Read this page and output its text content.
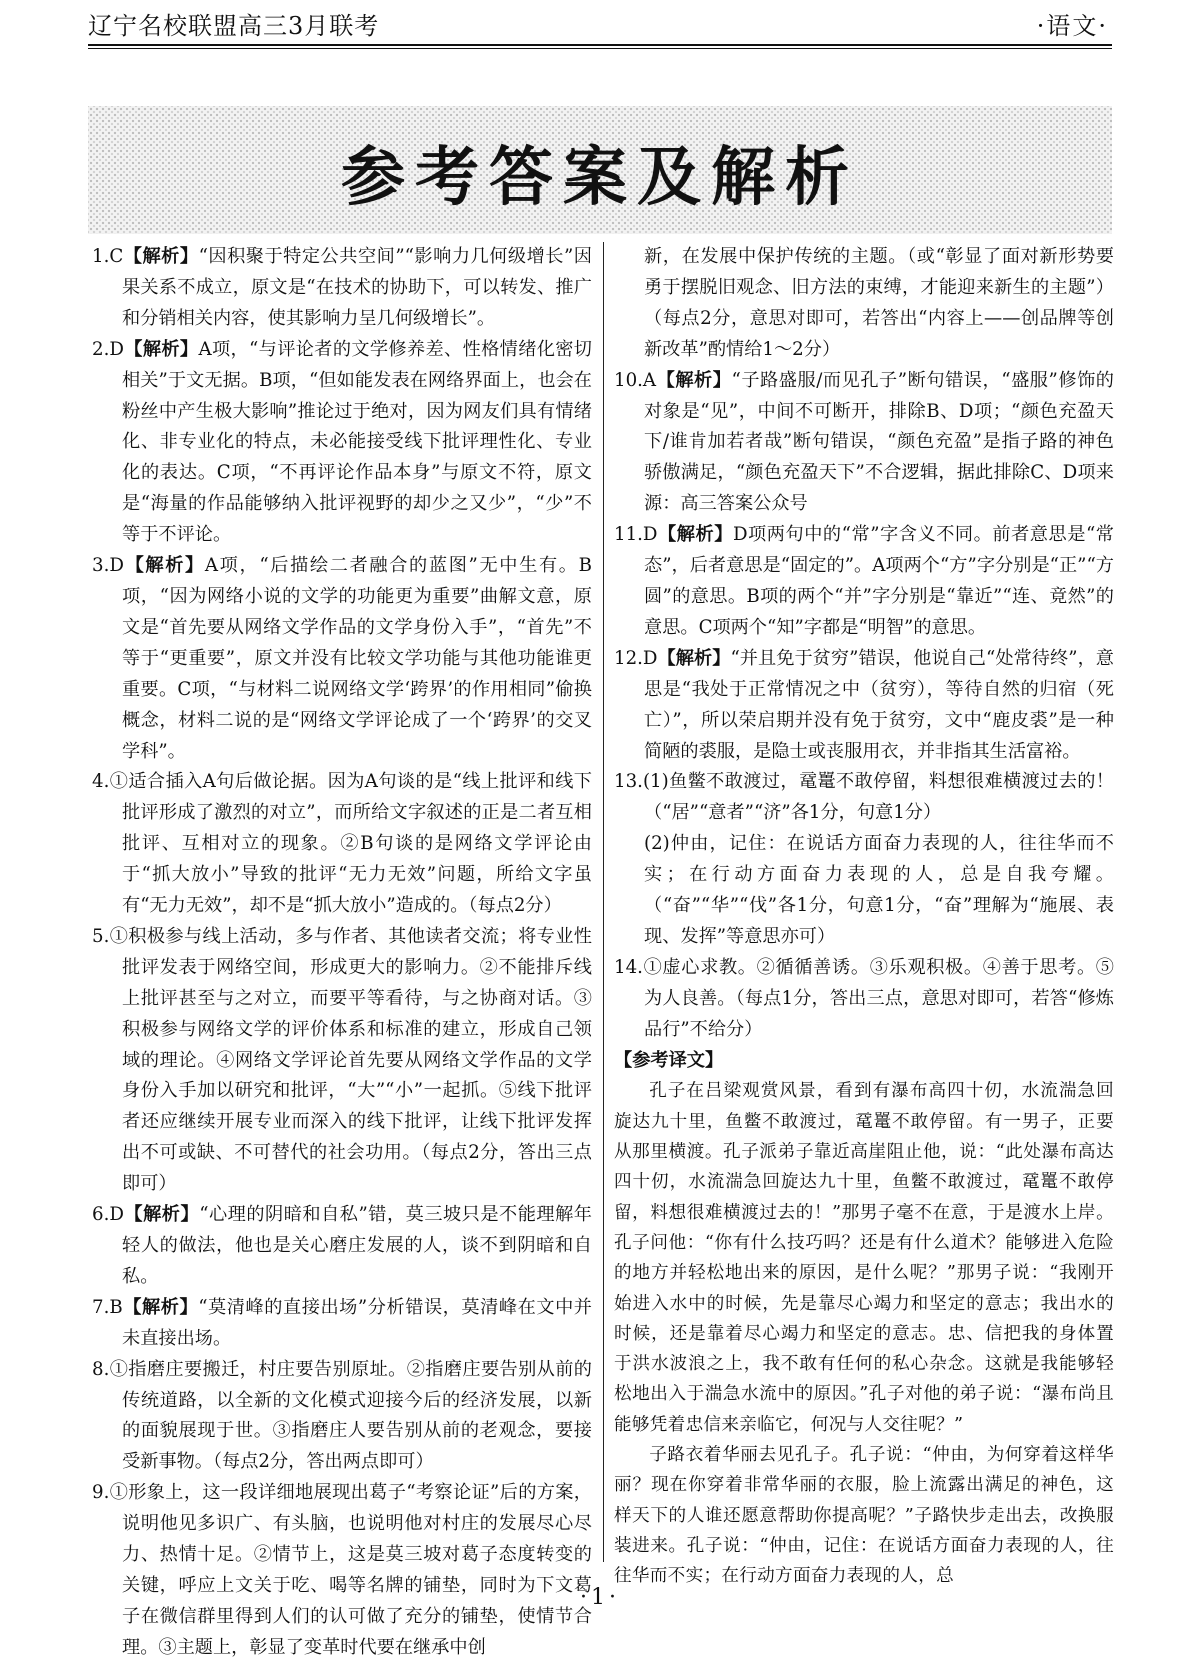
辽宁名校联盟高三3月联考	·语文·
参考答案及解析

1.C【解析】“因积聚于特定公共空间”“影响力几何级增长”因果关系不成立，原文是“在技术的协助下，可以转发、推广和分销相关内容，使其影响力呈几何级增长”。

2.D【解析】A项，“与评论者的文学修养差、性格情绪化密切相关”于文无据。B项，“但如能发表在网络界面上，也会在粉丝中产生极大影响”推论过于绝对，因为网友们具有情绪化、非专业化的特点，未必能接受线下批评理性化、专业化的表达。C项，“不再评论作品本身”与原文不符，原文是“海量的作品能够纳入批评视野的却少之又少”，“少”不等于不评论。

3.D【解析】A项，“后描绘二者融合的蓝图”无中生有。B项，“因为网络小说的文学的功能更为重要”曲解文意，原文是“首先要从网络文学作品的文学身份入手”，“首先”不等于“更重要”，原文并没有比较文学功能与其他功能谁更重要。C项，“与材料二说网络文学‘跨界’的作用相同”偷换概念，材料二说的是“网络文学评论成了一个‘跨界’的交叉学科”。

4.①适合插入A句后做论据。因为A句谈的是“线上批评和线下批评形成了激烈的对立”，而所给文字叙述的正是二者互相批评、互相对立的现象。②B句谈的是网络文学评论由于“抓大放小”导致的批评“无力无效”问题，所给文字虽有“无力无效”，却不是“抓大放小”造成的。（每点2分）

5.①积极参与线上活动，多与作者、其他读者交流；将专业性批评发表于网络空间，形成更大的影响力。②不能排斥线上批评甚至与之对立，而要平等看待，与之协商对话。③积极参与网络文学的评价体系和标准的建立，形成自己领域的理论。④网络文学评论首先要从网络文学作品的文学身份入手加以研究和批评，“大”“小”一起抓。⑤线下批评者还应继续开展专业而深入的线下批评，让线下批评发挥出不可或缺、不可替代的社会功用。（每点2分，答出三点即可）

6.D【解析】“心理的阴暗和自私”错，莫三坡只是不能理解年轻人的做法，他也是关心磨庄发展的人，谈不到阴暗和自私。

7.B【解析】“莫清峰的直接出场”分析错误，莫清峰在文中并未直接出场。

8.①指磨庄要搬迁，村庄要告别原址。②指磨庄要告别从前的传统道路，以全新的文化模式迎接今后的经济发展，以新的面貌展现于世。③指磨庄人要告别从前的老观念，要接受新事物。（每点2分，答出两点即可）

9.①形象上，这一段详细地展现出葛子“考察论证”后的方案，说明他见多识广、有头脑，也说明他对村庄的发展尽心尽力、热情十足。②情节上，这是莫三坡对葛子态度转变的关键，呼应上文关于吃、喝等名牌的铺垫，同时为下文葛子在微信群里得到人们的认可做了充分的铺垫，使情节合理。③主题上，彰显了变革时代要在继承中创

新，在发展中保护传统的主题。（或“彰显了面对新形势要勇于摆脱旧观念、旧方法的束缚，才能迎来新生的主题”）（每点2分，意思对即可，若答出“内容上——创品牌等创新改革”酌情给1～2分）

10.A【解析】“子路盛服/而见孔子”断句错误，“盛服”修饰的对象是“见”，中间不可断开，排除B、D项；“颜色充盈天下/谁肯加若者哉”断句错误，“颜色充盈”是指子路的神色骄傲满足，“颜色充盈天下”不合逻辑，据此排除C、D项来源：高三答案公众号

11.D【解析】D项两句中的“常”字含义不同。前者意思是“常态”，后者意思是“固定的”。A项两个“方”字分别是“正”“方圆”的意思。B项的两个“并”字分别是“靠近”“连、竟然”的意思。C项两个“知”字都是“明智”的意思。

12.D【解析】“并且免于贫穷”错误，他说自己“处常待终”，意思是“我处于正常情况之中（贫穷），等待自然的归宿（死亡）”，所以荣启期并没有免于贫穷，文中“鹿皮裘”是一种简陋的裘服，是隐士或丧服用衣，并非指其生活富裕。

13.(1)鱼鳖不敢渡过，鼋鼍不敢停留，料想很难横渡过去的！（“居”“意者”“济”各1分，句意1分）

(2)仲由，记住：在说话方面奋力表现的人，往往华而不实；在行动方面奋力表现的人，总是自我夸耀。（“奋”“华”“伐”各1分，句意1分，“奋”理解为“施展、表现、发挥”等意思亦可）

14.①虚心求教。②循循善诱。③乐观积极。④善于思考。⑤为人良善。（每点1分，答出三点，意思对即可，若答“修炼品行”不给分）

【参考译文】

孔子在吕梁观赏风景，看到有瀑布高四十仞，水流湍急回旋达九十里，鱼鳖不敢渡过，鼋鼍不敢停留。有一男子，正要从那里横渡。孔子派弟子靠近高崖阻止他，说：“此处瀑布高达四十仞，水流湍急回旋达九十里，鱼鳖不敢渡过，鼋鼍不敢停留，料想很难横渡过去的！”那男子毫不在意，于是渡水上岸。孔子问他：“你有什么技巧吗？还是有什么道术？能够进入危险的地方并轻松地出来的原因，是什么呢？”那男子说：“我刚开始进入水中的时候，先是靠尽心竭力和坚定的意志；我出水的时候，还是靠着尽心竭力和坚定的意志。忠、信把我的身体置于洪水波浪之上，我不敢有任何的私心杂念。这就是我能够轻松地出入于湍急水流中的原因。”孔子对他的弟子说：“瀑布尚且能够凭着忠信来亲临它，何况与人交往呢？”

子路衣着华丽去见孔子。孔子说：“仲由，为何穿着这样华丽？现在你穿着非常华丽的衣服，脸上流露出满足的神色，这样天下的人谁还愿意帮助你提高呢？”子路快步走出去，改换服装进来。孔子说：“仲由，记住：在说话方面奋力表现的人，往往华而不实；在行动方面奋力表现的人，总

·1·
